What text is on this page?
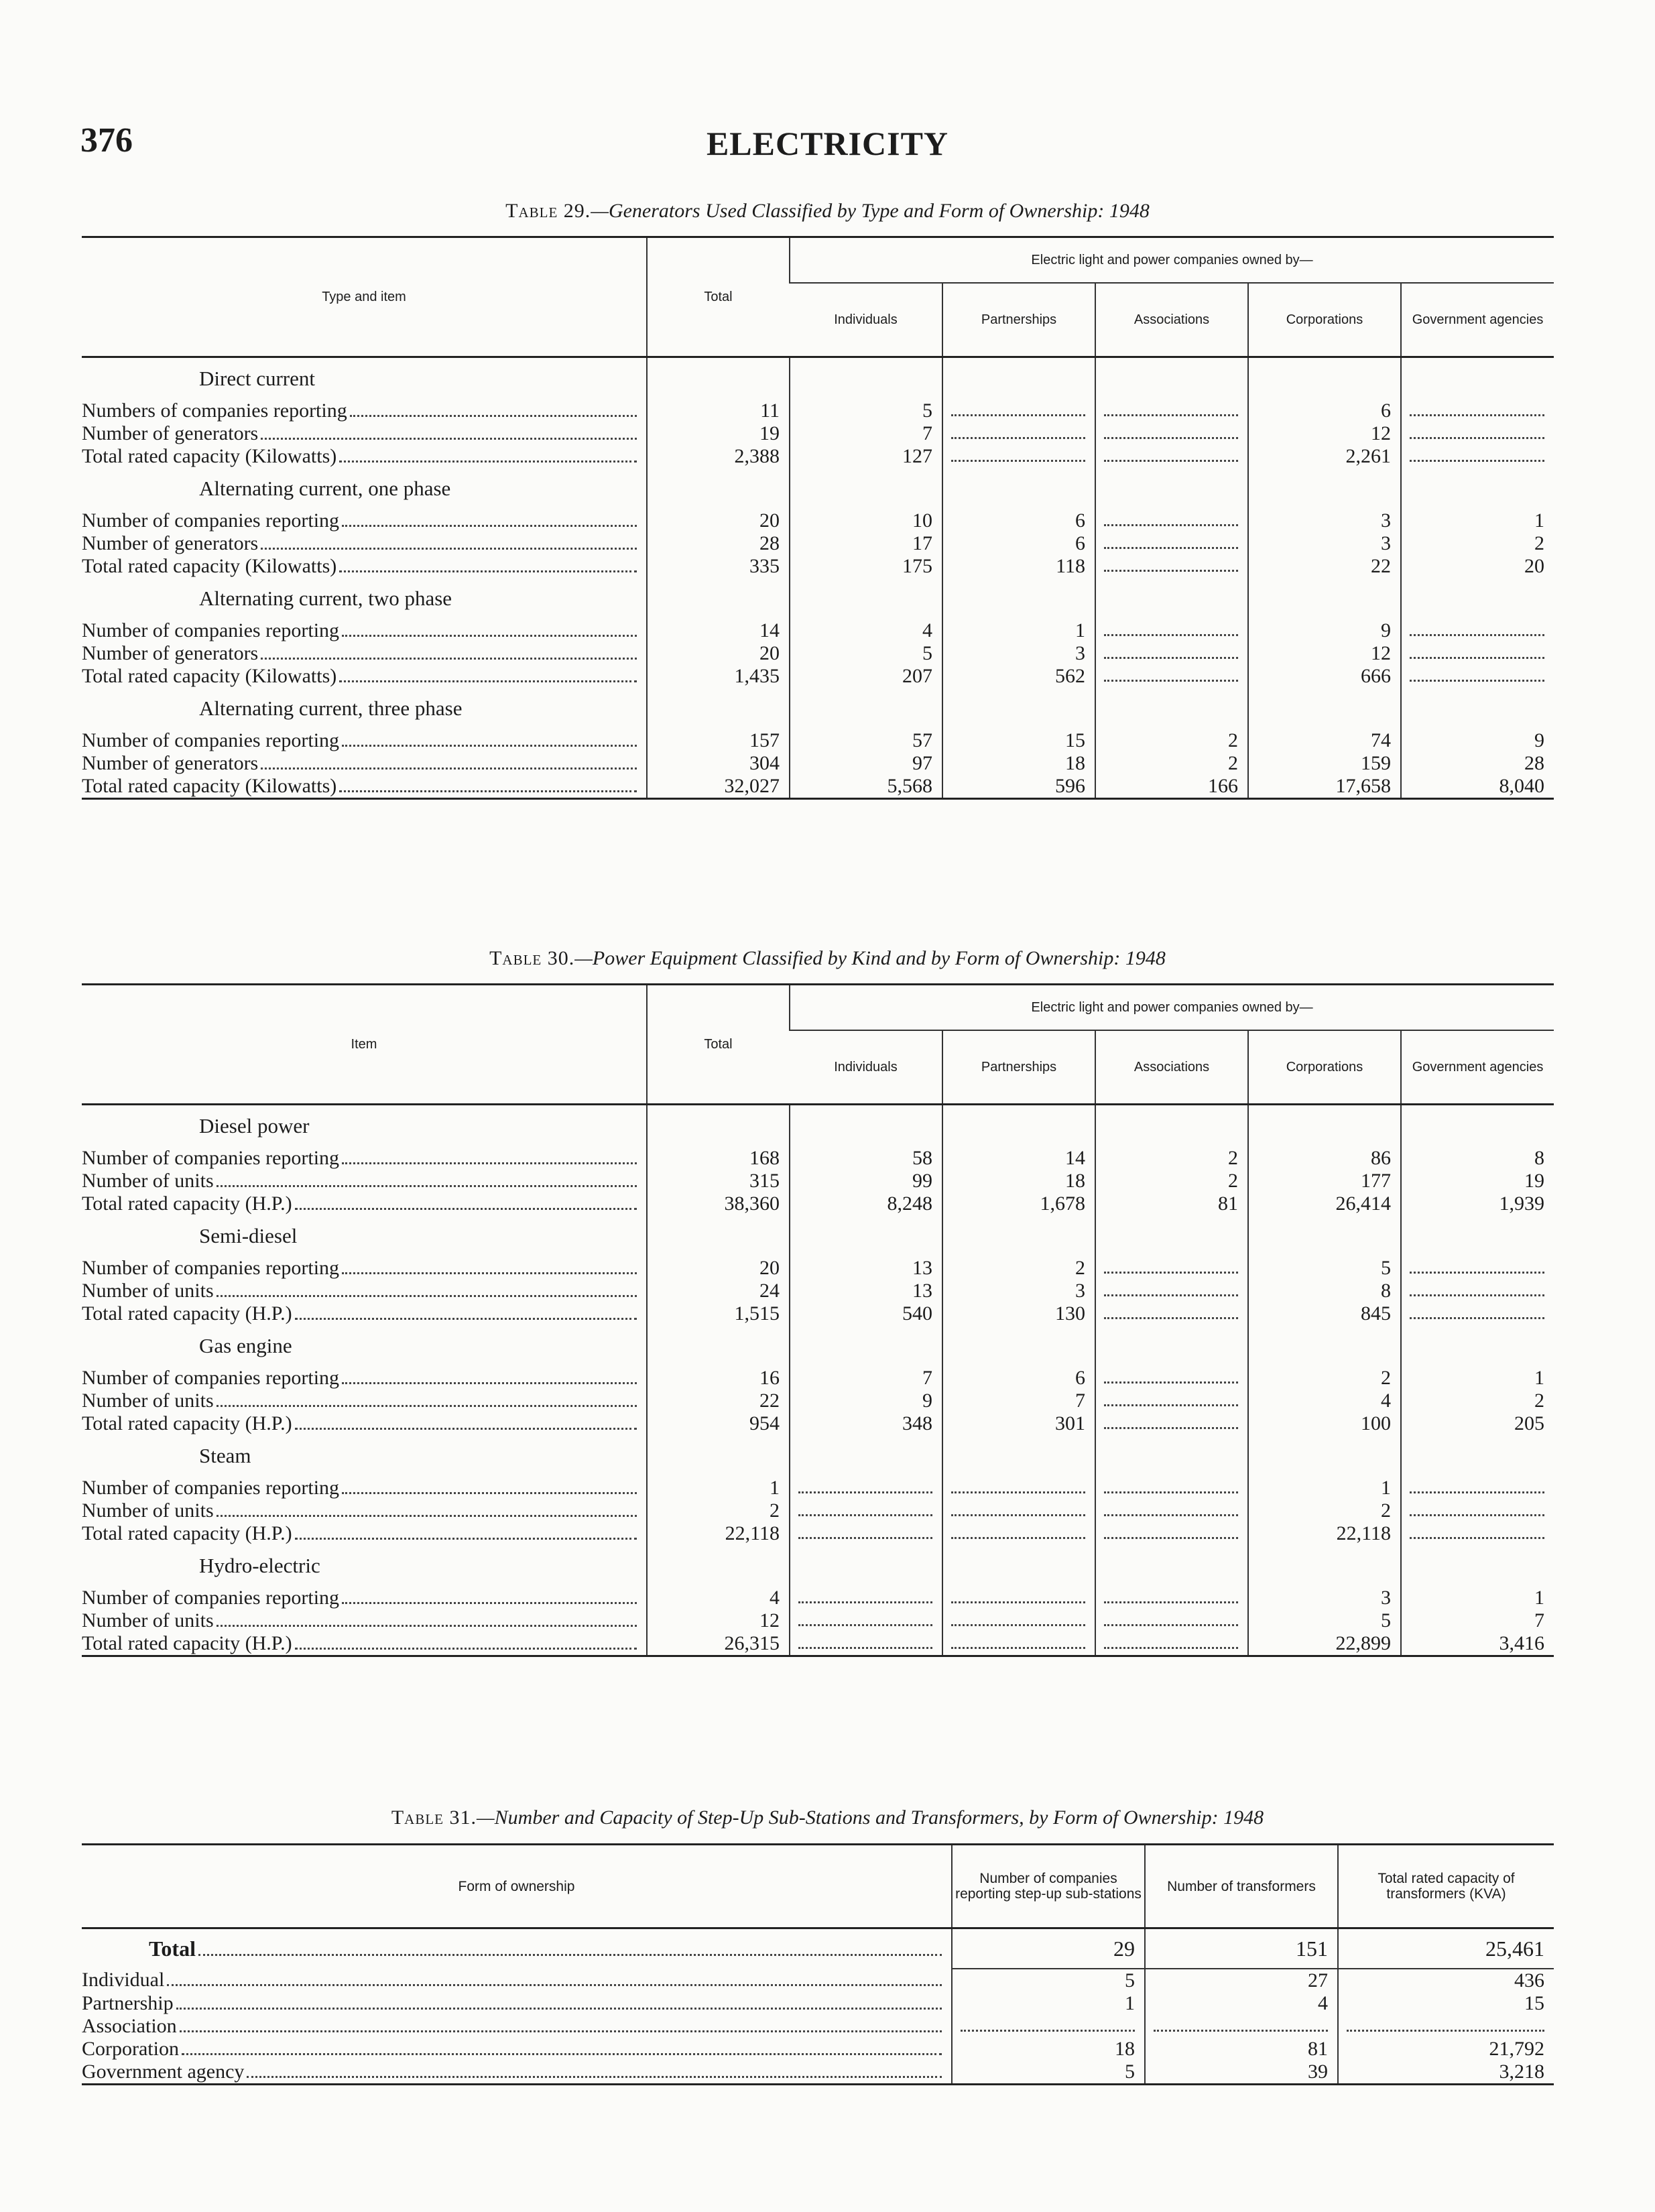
376	ELECTRICITY
Table 29.—Generators Used Classified by Type and Form of Ownership: 1948
Type and item	Total	Electric light and power companies owned by—				
		Individuals	Partnerships	Associations	Corporations	Government agencies
Direct current						

Numbers of companies reporting	11	5			6	

Number of generators	19	7			12	

Total rated capacity (Kilowatts)	2,388	127			2,261	

Alternating current, one phase						

Number of companies reporting	20	10	6		3	1

Number of generators	28	17	6		3	2

Total rated capacity (Kilowatts)	335	175	118		22	20
Alternating current, two phase						

Number of companies reporting	14	4	1		9	

Number of generators	20	5	3		12	

Total rated capacity (Kilowatts)	1,435	207	562		666	

Alternating current, three phase						

Number of companies reporting	157	57	15	2	74	9

Number of generators	304	97	18	2	159	28

Total rated capacity (Kilowatts)	32,027	5,568	596	166	17,658	8,040
Table 30.—Power Equipment Classified by Kind and by Form of Ownership: 1948
Item	Total	Electric light and power companies owned by—				
		Individuals	Partnerships	Associations	Corporations	Government agencies
Diesel power						

Number of companies reporting	168	58	14	2	86	8

Number of units	315	99	18	2	177	19

Total rated capacity (H.P.)	38,360	8,248	1,678	81	26,414	1,939
Semi-diesel						

Number of companies reporting	20	13	2		5	

Number of units	24	13	3		8	

Total rated capacity (H.P.)	1,515	540	130		845	

Gas engine						

Number of companies reporting	16	7	6		2	1

Number of units	22	9	7		4	2

Total rated capacity (H.P.)	954	348	301		100	205
Steam						

Number of companies reporting	1				1	

Number of units	2				2	

Total rated capacity (H.P.)	22,118				22,118	

Hydro-electric						

Number of companies reporting	4				3	1

Number of units	12				5	7

Total rated capacity (H.P.)	26,315				22,899	3,416
Table 31.—Number and Capacity of Step-Up Sub-Stations and Transformers, by Form of Ownership: 1948
Form of ownership	Number of companies reporting step-up sub-stations	Number of transformers	Total rated capacity of transformers (KVA)

Total	29	151	25,461

Individual	5	27	436

Partnership	1	4	15

Association			

Corporation	18	81	21,792

Government agency	5	39	3,218
